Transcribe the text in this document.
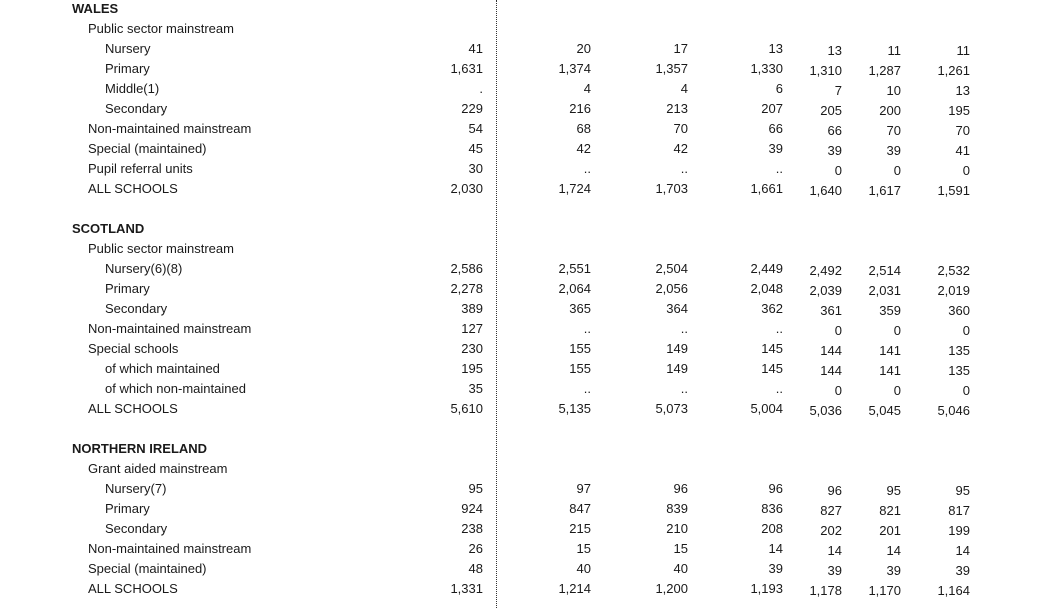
WALES
Public sector mainstream
Nursery	41	20	17	13	13	11	11
Primary	1,631	1,374	1,357	1,330	1,310	1,287	1,261
Middle(1)	.	4	4	6	7	10	13
Secondary	229	216	213	207	205	200	195
Non-maintained mainstream	54	68	70	66	66	70	70
Special (maintained)	45	42	42	39	39	39	41
Pupil referral units	30	..	..	..	0	0	0
ALL SCHOOLS	2,030	1,724	1,703	1,661	1,640	1,617	1,591
SCOTLAND
Public sector mainstream
Nursery(6)(8)	2,586	2,551	2,504	2,449	2,492	2,514	2,532
Primary	2,278	2,064	2,056	2,048	2,039	2,031	2,019
Secondary	389	365	364	362	361	359	360
Non-maintained mainstream	127	..	..	..	0	0	0
Special schools	230	155	149	145	144	141	135
of which maintained	195	155	149	145	144	141	135
of which non-maintained	35	..	..	..	0	0	0
ALL SCHOOLS	5,610	5,135	5,073	5,004	5,036	5,045	5,046
NORTHERN IRELAND
Grant aided mainstream
Nursery(7)	95	97	96	96	96	95	95
Primary	924	847	839	836	827	821	817
Secondary	238	215	210	208	202	201	199
Non-maintained mainstream	26	15	15	14	14	14	14
Special (maintained)	48	40	40	39	39	39	39
ALL SCHOOLS	1,331	1,214	1,200	1,193	1,178	1,170	1,164
